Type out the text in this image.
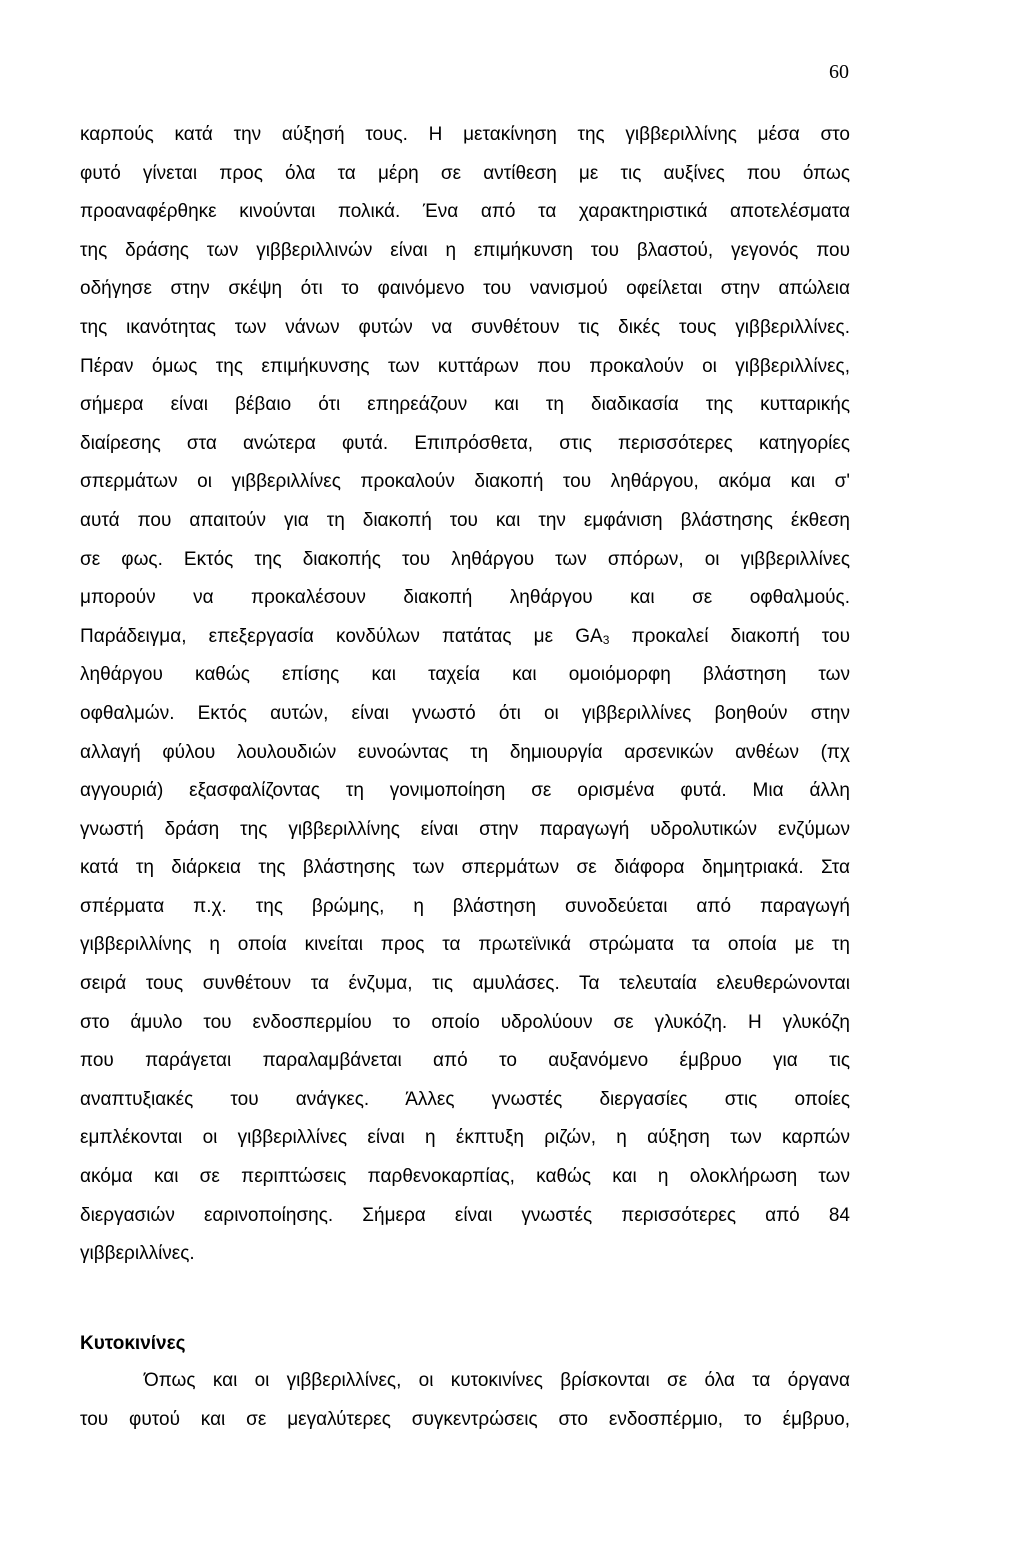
60
καρπούς κατά την αύξησή τους. Η μετακίνηση της γιββεριλλίνης μέσα στο
φυτό γίνεται προς όλα τα μέρη σε αντίθεση με τις αυξίνες που όπως
προαναφέρθηκε κινούνται πολικά. Ένα από τα χαρακτηριστικά αποτελέσματα
της δράσης των γιββεριλλινών είναι η επιμήκυνση του βλαστού, γεγονός που
οδήγησε στην σκέψη ότι το φαινόμενο του νανισμού οφείλεται στην απώλεια
της ικανότητας των νάνων φυτών να συνθέτουν τις δικές τους γιββεριλλίνες.
Πέραν όμως της επιμήκυνσης των κυττάρων που προκαλούν οι γιββεριλλίνες,
σήμερα είναι βέβαιο ότι επηρεάζουν και τη διαδικασία της κυτταρικής
διαίρεσης στα ανώτερα φυτά. Επιπρόσθετα, στις περισσότερες κατηγορίες
σπερμάτων οι γιββεριλλίνες προκαλούν διακοπή του ληθάργου, ακόμα και σ'
αυτά που απαιτούν για τη διακοπή του και την εμφάνιση βλάστησης έκθεση
σε φως. Εκτός της διακοπής του ληθάργου των σπόρων, οι γιββεριλλίνες
μπορούν να προκαλέσουν διακοπή ληθάργου και σε οφθαλμούς.
Παράδειγμα, επεξεργασία κονδύλων πατάτας με $GA_3$ προκαλεί διακοπή του
ληθάργου καθώς επίσης και ταχεία και ομοιόμορφη βλάστηση των
οφθαλμών. Εκτός αυτών, είναι γνωστό ότι οι γιββεριλλίνες βοηθούν στην
αλλαγή φύλου λουλουδιών ευνοώντας τη δημιουργία αρσενικών ανθέων (πχ
αγγουριά) εξασφαλίζοντας τη γονιμοποίηση σε ορισμένα φυτά. Μια άλλη
γνωστή δράση της γιββεριλλίνης είναι στην παραγωγή υδρολυτικών ενζύμων
κατά τη διάρκεια της βλάστησης των σπερμάτων σε διάφορα δημητριακά. Στα
σπέρματα π.χ. της βρώμης, η βλάστηση συνοδεύεται από παραγωγή
γιββεριλλίνης η οποία κινείται προς τα πρωτεϊνικά στρώματα τα οποία με τη
σειρά τους συνθέτουν τα ένζυμα, τις αμυλάσες. Τα τελευταία ελευθερώνονται
στο άμυλο του ενδοσπερμίου το οποίο υδρολύουν σε γλυκόζη. Η γλυκόζη
που παράγεται παραλαμβάνεται από το αυξανόμενο έμβρυο για τις
αναπτυξιακές του ανάγκες. Άλλες γνωστές διεργασίες στις οποίες
εμπλέκονται οι γιββεριλλίνες είναι η έκπτυξη ριζών, η αύξηση των καρπών
ακόμα και σε περιπτώσεις παρθενοκαρπίας, καθώς και η ολοκλήρωση των
διεργασιών εαρινοποίησης. Σήμερα είναι γνωστές περισσότερες από 84
γιββεριλλίνες.
Κυτοκινίνες
Όπως και οι γιββεριλλίνες, οι κυτοκινίνες βρίσκονται σε όλα τα όργανα
του φυτού και σε μεγαλύτερες συγκεντρώσεις στο ενδοσπέρμιο, το έμβρυο,
